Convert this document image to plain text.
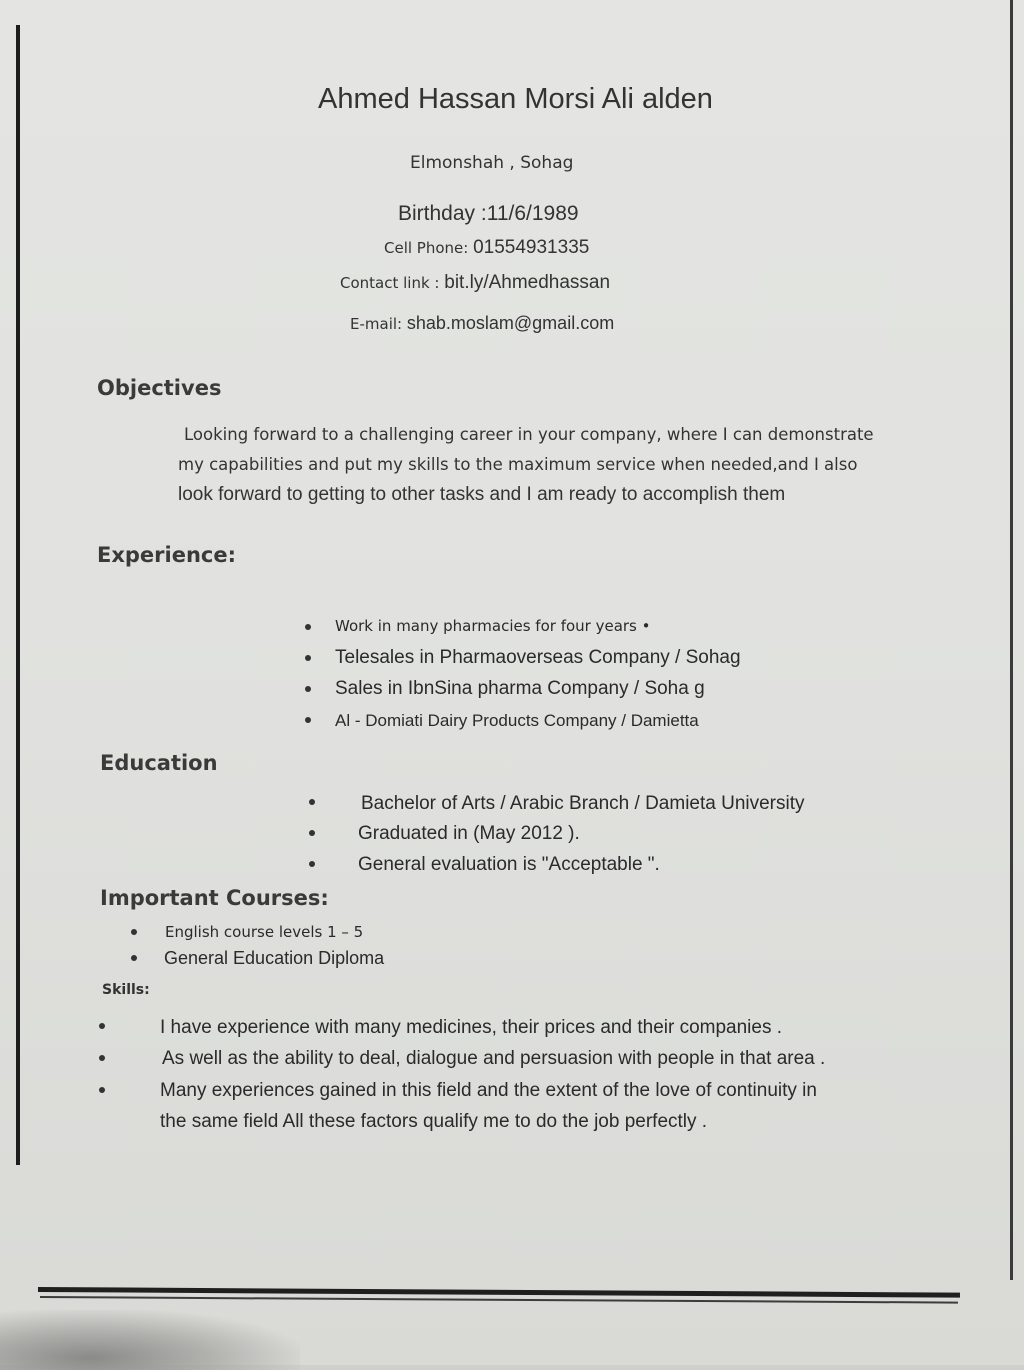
Ahmed Hassan Morsi Ali alden
Elmonshah , Sohag
Birthday :11/6/1989
Cell Phone: 01554931335
Contact link : bit.ly/Ahmedhassan
E-mail: shab.moslam@gmail.com
Objectives
Looking forward to a challenging career in your company, where I can demonstrate
my capabilities and put my skills to the maximum service when needed,and I also
look forward to getting to other tasks and I am ready to accomplish them
Experience:
Work in many pharmacies for four years •
Telesales in Pharmaoverseas Company / Sohag
Sales in IbnSina pharma Company / Soha g
Al - Domiati Dairy Products Company / Damietta
Education
Bachelor of Arts / Arabic Branch / Damieta University
Graduated in (May 2012 ).
General evaluation is "Acceptable ".
Important Courses:
English course levels 1 – 5
General Education Diploma
Skills:
I have experience with many medicines, their prices and their companies .
As well as the ability to deal, dialogue and persuasion with people in that area .
Many experiences gained in this field and the extent of the love of continuity in
the same field All these factors qualify me to do the job perfectly .
